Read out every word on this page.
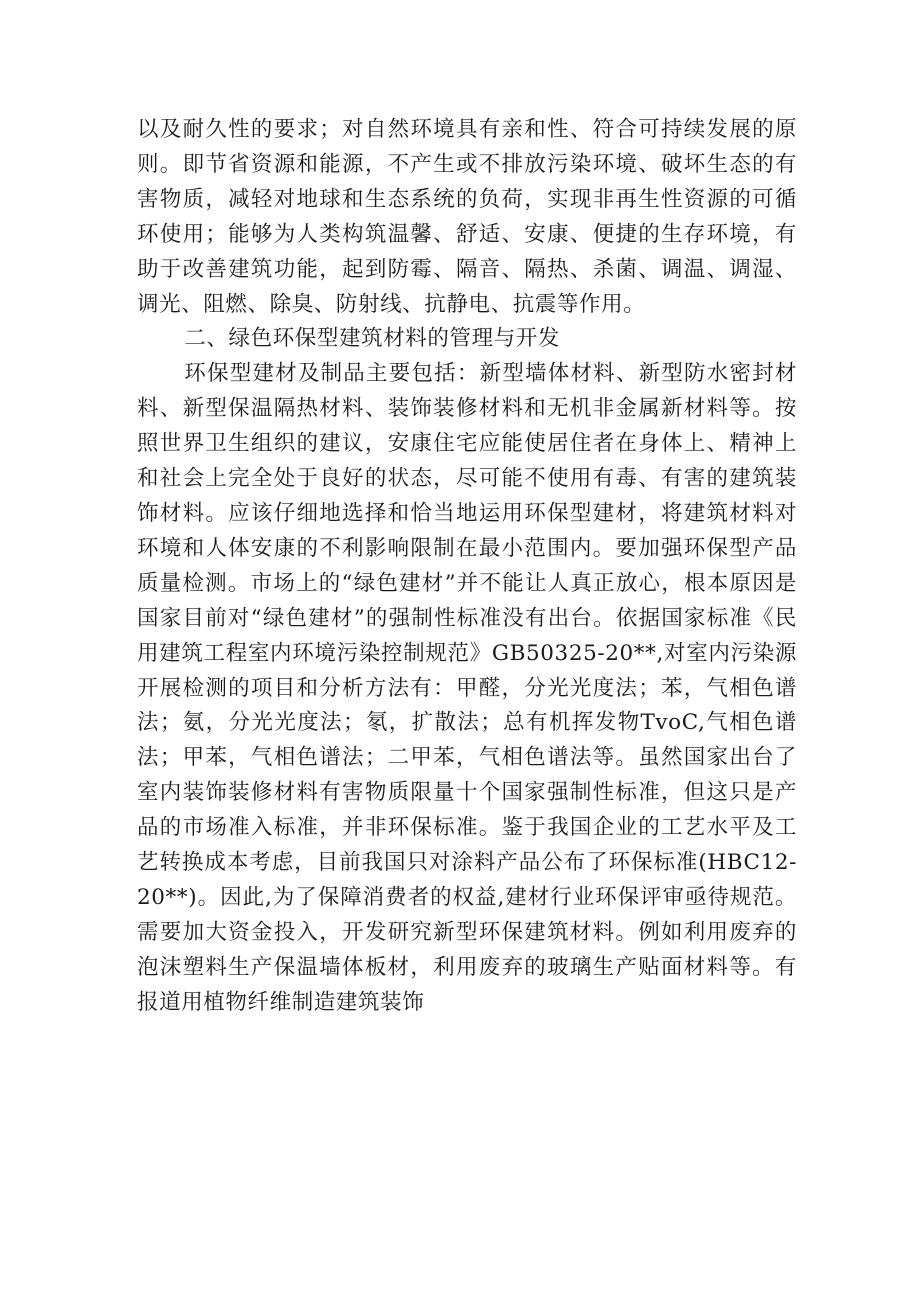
以及耐久性的要求；对自然环境具有亲和性、符合可持续发展的原则。即节省资源和能源，不产生或不排放污染环境、破坏生态的有害物质，减轻对地球和生态系统的负荷，实现非再生性资源的可循环使用；能够为人类构筑温馨、舒适、安康、便捷的生存环境，有助于改善建筑功能，起到防霉、隔音、隔热、杀菌、调温、调湿、调光、阻燃、除臭、防射线、抗静电、抗震等作用。

二、绿色环保型建筑材料的管理与开发

环保型建材及制品主要包括：新型墙体材料、新型防水密封材料、新型保温隔热材料、装饰装修材料和无机非金属新材料等。按照世界卫生组织的建议，安康住宅应能使居住者在身体上、精神上和社会上完全处于良好的状态，尽可能不使用有毒、有害的建筑装饰材料。应该仔细地选择和恰当地运用环保型建材，将建筑材料对环境和人体安康的不利影响限制在最小范围内。要加强环保型产品质量检测。市场上的“绿色建材”并不能让人真正放心，根本原因是国家目前对“绿色建材”的强制性标准没有出台。依据国家标准《民用建筑工程室内环境污染控制规范》GB50325-20**,对室内污染源开展检测的项目和分析方法有：甲醛，分光光度法；苯，气相色谱法；氨，分光光度法；氡，扩散法；总有机挥发物TvoC,气相色谱法；甲苯，气相色谱法；二甲苯，气相色谱法等。虽然国家出台了室内装饰装修材料有害物质限量十个国家强制性标准，但这只是产品的市场准入标准，并非环保标准。鉴于我国企业的工艺水平及工艺转换成本考虑，目前我国只对涂料产品公布了环保标准(HBC12-20**)。因此,为了保障消费者的权益,建材行业环保评审亟待规范。需要加大资金投入，开发研究新型环保建筑材料。例如利用废弃的泡沫塑料生产保温墙体板材，利用废弃的玻璃生产贴面材料等。有报道用植物纤维制造建筑装饰
